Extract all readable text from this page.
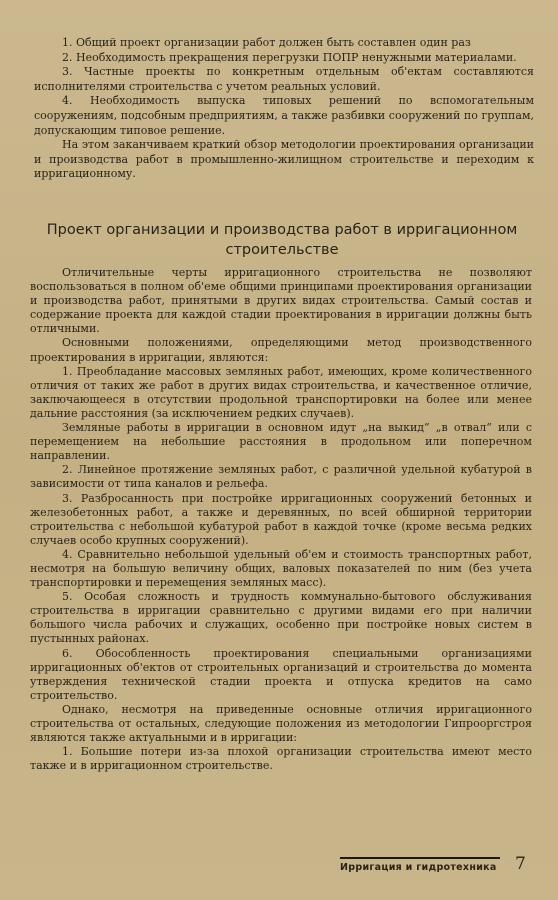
1. Общий проект организации работ должен быть составлен один раз

2. Необходимость прекращения перегрузки ПОПР ненужными материалами.

3. Частные проекты по конкретным отдельным об'ектам составляются исполнителями строительства с учетом реальных условий.

4. Необходимость выпуска типовых решений по вспомогательным сооружениям, подсобным предприятиям, а также разбивки сооружений по группам, допускающим типовое решение.

На этом заканчиваем краткий обзор методологии проектирования организации и производства работ в промышленно-жилищном строительстве и переходим к ирригационному.

Проект организации и производства работ в ирригационном строительстве

Отличительные черты ирригационного строительства не позволяют воспользоваться в полном об'еме общими принципами проектирования организации и производства работ, принятыми в других видах строительства. Самый состав и содержание проекта для каждой стадии проектирования в ирригации должны быть отличными.

Основными положениями, определяющими метод производственного проектирования в ирригации, являются:

1. Преобладание массовых земляных работ, имеющих, кроме количественного отличия от таких же работ в других видах строительства, и качественное отличие, заключающееся в отсутствии продольной транспортировки на более или менее дальние расстояния (за исключением редких случаев).

Земляные работы в ирригации в основном идут „на выкид“ „в отвал“ или с перемещением на небольшие расстояния в продольном или поперечном направлении.

2. Линейное протяжение земляных работ, с различной удельной кубатурой в зависимости от типа каналов и рельефа.

3. Разбросанность при постройке ирригационных сооружений бетонных и железобетонных работ, а также и деревянных, по всей обширной территории строительства с небольшой кубатурой работ в каждой точке (кроме весьма редких случаев особо крупных сооружений).

4. Сравнительно небольшой удельный об'ем и стоимость транспортных работ, несмотря на большую величину общих, валовых показателей по ним (без учета транспортировки и перемещения земляных масс).

5. Особая сложность и трудность коммунально-бытового обслуживания строительства в ирригации сравнительно с другими видами его при наличии большого числа рабочих и служащих, особенно при постройке новых систем в пустынных районах.

6. Обособленность проектирования специальными организациями ирригационных об'ектов от строительных организаций и строительства до момента утверждения технической стадии проекта и отпуска кредитов на само строительство.

Однако, несмотря на приведенные основные отличия ирригационного строительства от остальных, следующие положения из методологии Гипрооргстроя являются также актуальными и в ирригации:

1. Большие потери из-за плохой организации строительства имеют место также и в ирригационном строительстве.

Ирригация и гидротехника 7
